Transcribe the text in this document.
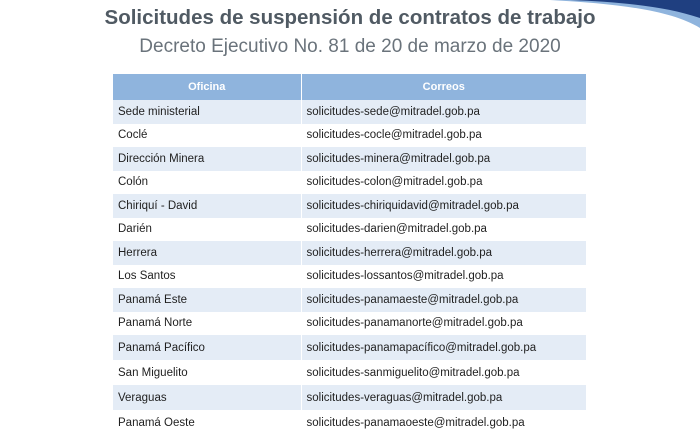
Solicitudes de suspensión de contratos de trabajo
Decreto Ejecutivo No. 81 de 20 de marzo de 2020
Oficina	Correos
Sede ministerial	solicitudes-sede@mitradel.gob.pa
Coclé	solicitudes-cocle@mitradel.gob.pa
Dirección Minera	solicitudes-minera@mitradel.gob.pa
Colón	solicitudes-colon@mitradel.gob.pa
Chiriquí - David	solicitudes-chiriquidavid@mitradel.gob.pa
Darién	solicitudes-darien@mitradel.gob.pa
Herrera	solicitudes-herrera@mitradel.gob.pa
Los Santos	solicitudes-lossantos@mitradel.gob.pa
Panamá Este	solicitudes-panamaeste@mitradel.gob.pa
Panamá Norte	solicitudes-panamanorte@mitradel.gob.pa
Panamá Pacífico	solicitudes-panamapacífico@mitradel.gob.pa
San Miguelito	solicitudes-sanmiguelito@mitradel.gob.pa
Veraguas	solicitudes-veraguas@mitradel.gob.pa
Panamá Oeste	solicitudes-panamaoeste@mitradel.gob.pa
